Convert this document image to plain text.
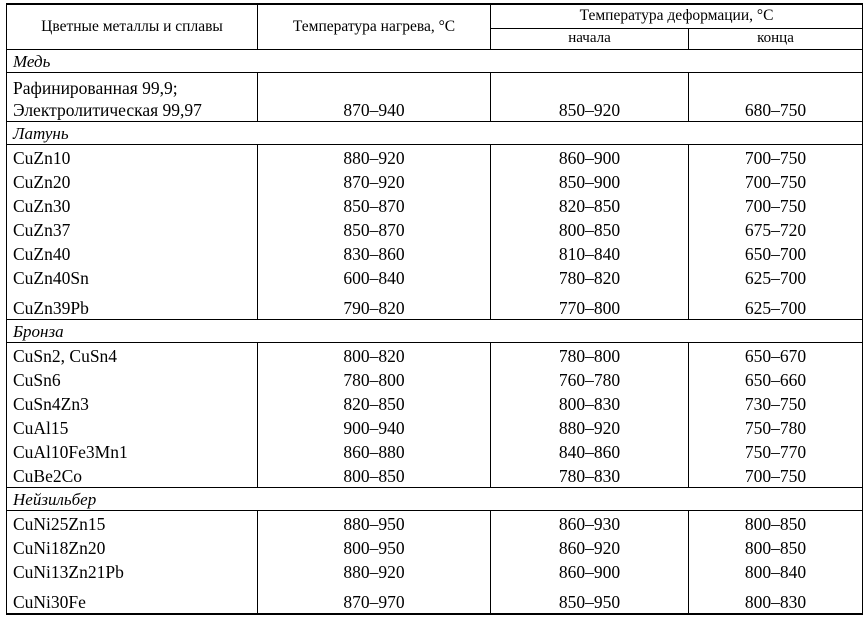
Цветные металлы и сплавы	Температура нагрева, °С	Температура деформации, °С	
		начала	конца
Медь			
Рафинированная 99,9;
Электролитическая 99,97	870–940	850–920	680–750
Латунь			
CuZn10	880–920	860–900	700–750
CuZn20	870–920	850–900	700–750
CuZn30	850–870	820–850	700–750
CuZn37	850–870	800–850	675–720
CuZn40	830–860	810–840	650–700
CuZn40Sn	600–840	780–820	625–700
CuZn39Pb	790–820	770–800	625–700
Бронза			
CuSn2, CuSn4	800–820	780–800	650–670
CuSn6	780–800	760–780	650–660
CuSn4Zn3	820–850	800–830	730–750
CuAl15	900–940	880–920	750–780
CuAl10Fe3Mn1	860–880	840–860	750–770
CuBe2Co	800–850	780–830	700–750
Нейзильбер			
CuNi25Zn15	880–950	860–930	800–850
CuNi18Zn20	800–950	860–920	800–850
CuNi13Zn21Pb	880–920	860–900	800–840
CuNi30Fe	870–970	850–950	800–830
